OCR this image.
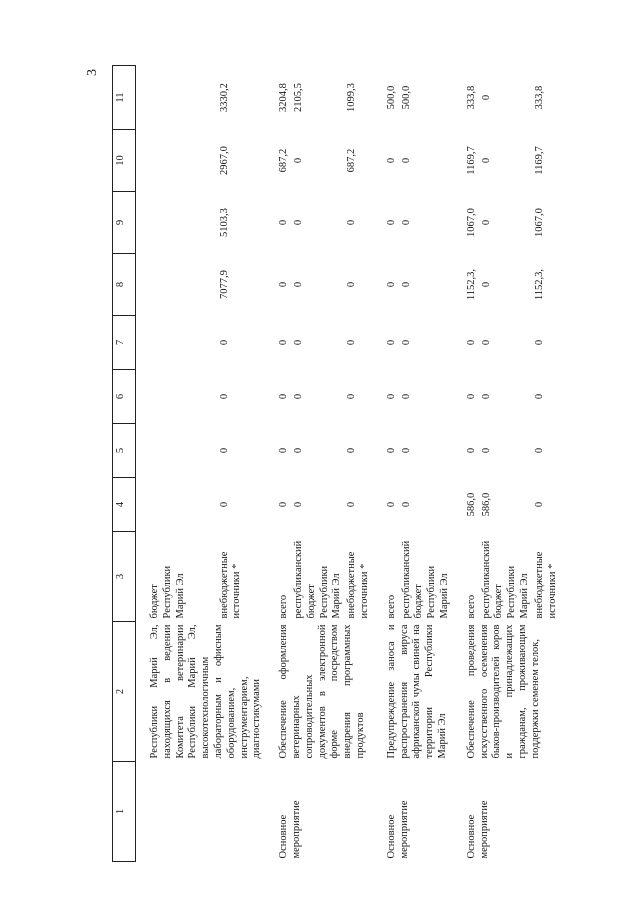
3
1	2	3	4	5	6	7	8	9	10	11

	Республики Марий Эл, находящихся в ведении Комитета ветеринарии Республики Марий Эл, высокотехнологичным лабораторным и офисным оборудованием, инструментарием, диагностикумами	бюджет Республики Марий Эл								
		внебюджетные источники *	0	0	0	0	7077,9	5103,3	2967,0	3330,2

Основное мероприятие	Обеспечение оформления ветеринарных сопроводительных документов в электронной форме посредством внедрения программных продуктов	всего	0	0	0	0	0	0	687,2	3204,8
		республиканский бюджет Республики Марий Эл	0	0	0	0	0	0	0	2105,5
		внебюджетные источники *	0	0	0	0	0	0	687,2	1099,3

Основное мероприятие	Предупреждение заноса и распространения вируса африканской чумы свиней на территории Республики Марий Эл	всего	0	0	0	0	0	0	0	500,0
		республиканский бюджет Республики Марий Эл	0	0	0	0	0	0	0	500,0

Основное мероприятие	Обеспечение проведения искусственного осеменения быков-производителей коров и принадлежащих гражданам, проживающим поддержки семенем телок,	всего	586,0	0	0	0	1152,3,	1067,0	1169,7	333,8
		республиканский бюджет Республики Марий Эл	586,0	0	0	0	0	0	0	0
		внебюджетные источники *	0	0	0	0	1152,3,	1067,0	1169,7	333,8
